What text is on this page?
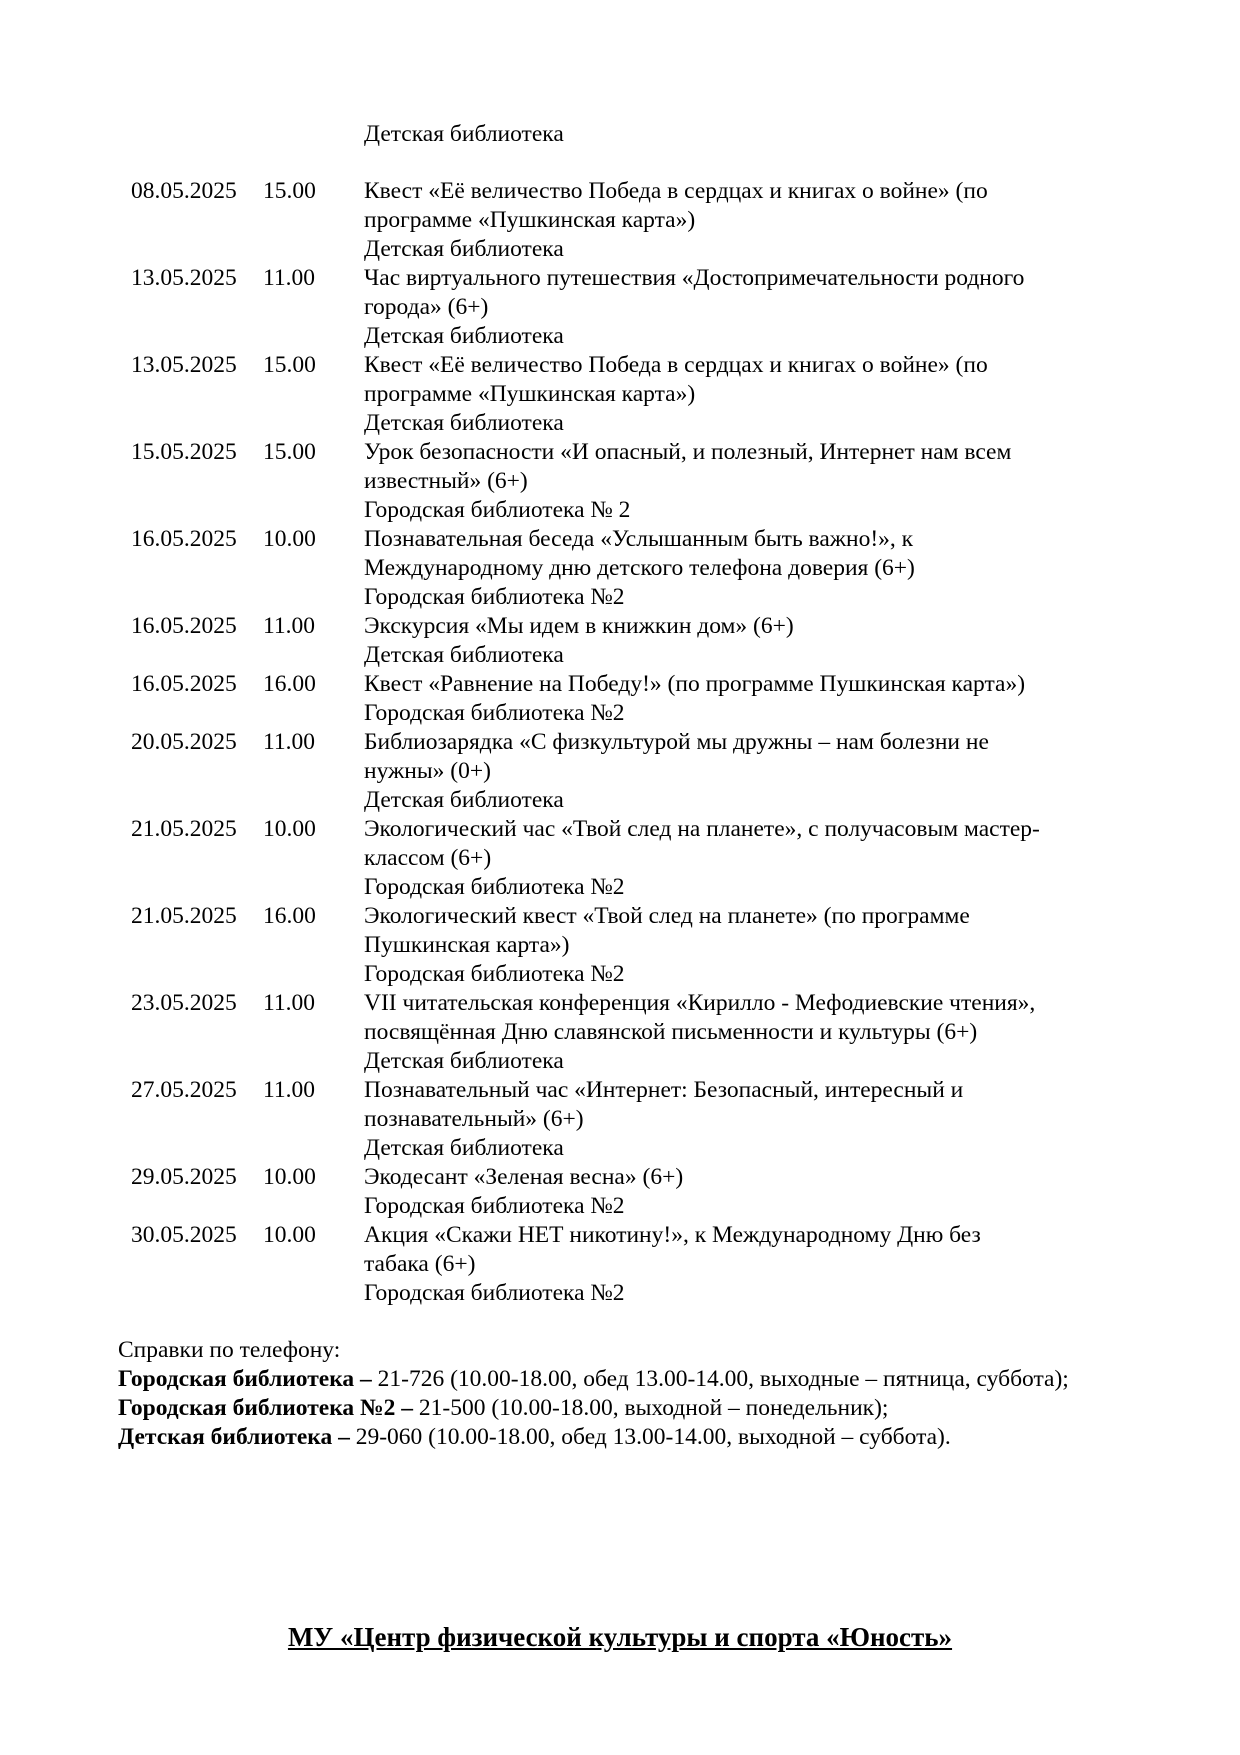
Детская библиотека
08.05.2025 15.00 Квест «Её величество Победа в сердцах и книгах о войне» (по
программе «Пушкинская карта»)
Детская библиотека
13.05.2025 11.00 Час виртуального путешествия «Достопримечательности родного
города» (6+)
Детская библиотека
13.05.2025 15.00 Квест «Её величество Победа в сердцах и книгах о войне» (по
программе «Пушкинская карта»)
Детская библиотека
15.05.2025 15.00 Урок безопасности «И опасный, и полезный, Интернет нам всем
известный» (6+)
Городская библиотека № 2
16.05.2025 10.00 Познавательная беседа «Услышанным быть важно!», к
Международному дню детского телефона доверия (6+)
Городская библиотека №2
16.05.2025 11.00 Экскурсия «Мы идем в книжкин дом» (6+)
Детская библиотека
16.05.2025 16.00 Квест «Равнение на Победу!» (по программе Пушкинская карта»)
Городская библиотека №2
20.05.2025 11.00 Библиозарядка «С физкультурой мы дружны – нам болезни не
нужны» (0+)
Детская библиотека
21.05.2025 10.00 Экологический час «Твой след на планете», с получасовым мастер-
классом (6+)
Городская библиотека №2
21.05.2025 16.00 Экологический квест «Твой след на планете» (по программе
Пушкинская карта»)
Городская библиотека №2
23.05.2025 11.00 VII читательская конференция «Кирилло - Мефодиевские чтения»,
посвящённая Дню славянской письменности и культуры (6+)
Детская библиотека
27.05.2025 11.00 Познавательный час «Интернет: Безопасный, интересный и
познавательный» (6+)
Детская библиотека
29.05.2025 10.00 Экодесант «Зеленая весна» (6+)
Городская библиотека №2
30.05.2025 10.00 Акция «Скажи НЕТ никотину!», к Международному Дню без
табака (6+)
Городская библиотека №2

Справки по телефону:

Городская библиотека – 21-726 (10.00-18.00, обед 13.00-14.00, выходные – пятница, суббота);

Городская библиотека №2 – 21-500 (10.00-18.00, выходной – понедельник);

Детская библиотека – 29-060 (10.00-18.00, обед 13.00-14.00, выходной – суббота).

МУ «Центр физической культуры и спорта «Юность»
